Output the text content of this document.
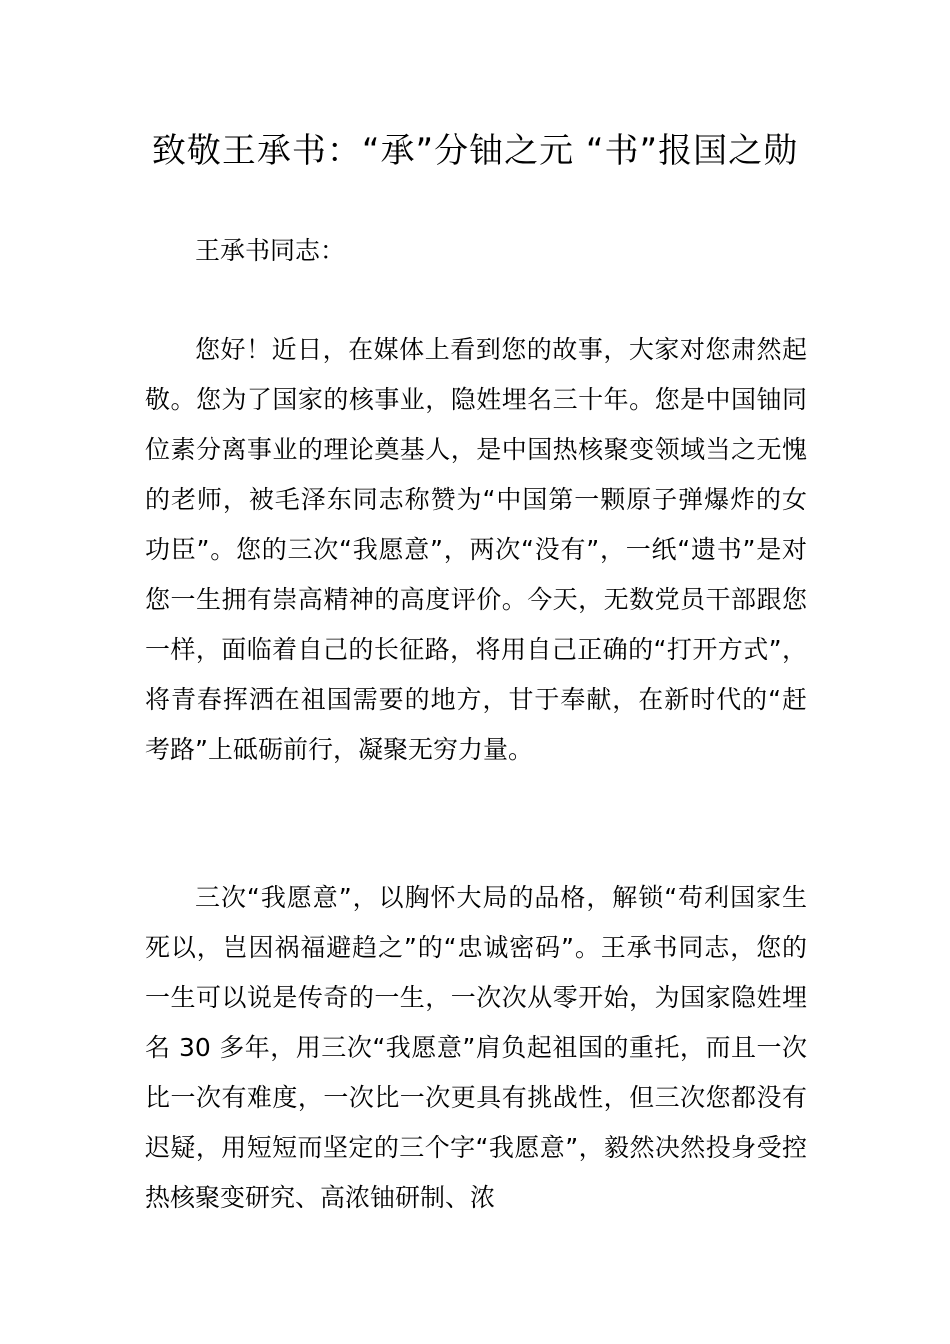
致敬王承书：“承”分铀之元 “书”报国之勋

王承书同志：

您好！近日，在媒体上看到您的故事，大家对您肃然起敬。您为了国家的核事业，隐姓埋名三十年。您是中国铀同位素分离事业的理论奠基人，是中国热核聚变领域当之无愧的老师，被毛泽东同志称赞为“中国第一颗原子弹爆炸的女功臣”。您的三次“我愿意”，两次“没有”，一纸“遗书”是对您一生拥有崇高精神的高度评价。今天，无数党员干部跟您一样，面临着自己的长征路，将用自己正确的“打开方式”，将青春挥洒在祖国需要的地方，甘于奉献，在新时代的“赶考路”上砥砺前行，凝聚无穷力量。

三次“我愿意”，以胸怀大局的品格，解锁“苟利国家生死以，岂因祸福避趋之”的“忠诚密码”。王承书同志，您的一生可以说是传奇的一生，一次次从零开始，为国家隐姓埋名 30 多年，用三次“我愿意”肩负起祖国的重托，而且一次比一次有难度，一次比一次更具有挑战性，但三次您都没有迟疑，用短短而坚定的三个字“我愿意”，毅然决然投身受控热核聚变研究、高浓铀研制、浓
